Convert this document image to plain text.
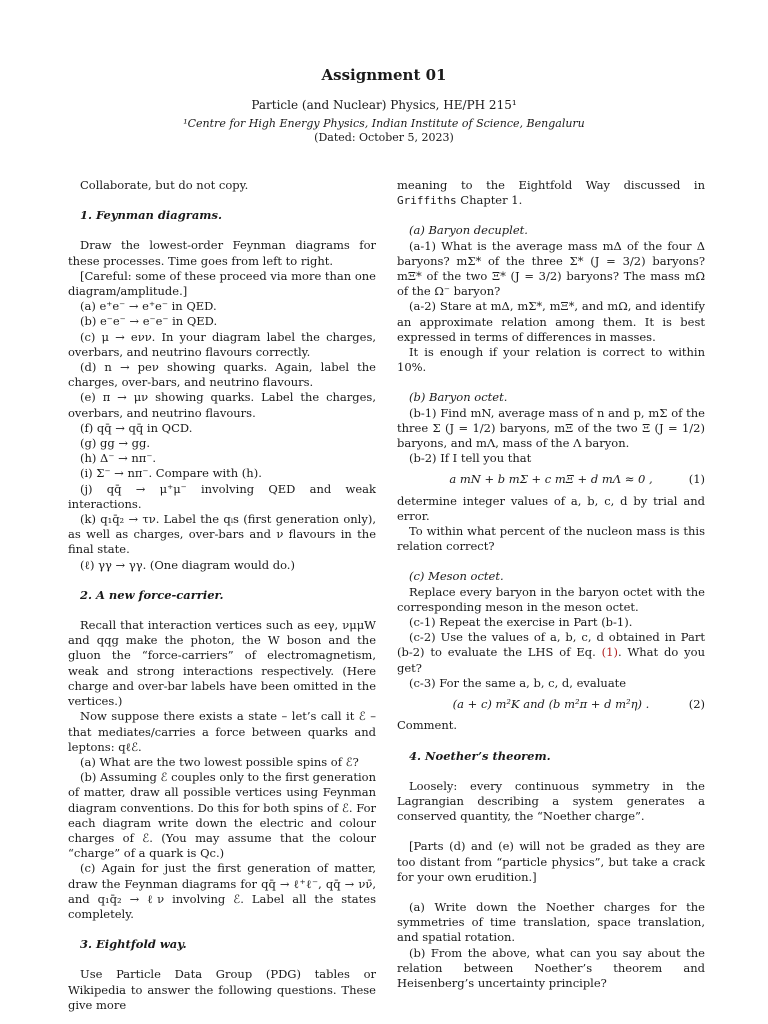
Assignment 01
Particle (and Nuclear) Physics, HE/PH 215¹
¹Centre for High Energy Physics, Indian Institute of Science, Bengaluru
(Dated: October 5, 2023)

Collaborate, but do not copy.

1. Feynman diagrams.

Draw the lowest-order Feynman diagrams for these processes. Time goes from left to right.

[Careful: some of these proceed via more than one diagram/amplitude.]

(a) e⁺e⁻ → e⁺e⁻ in QED.

(b) e⁻e⁻ → e⁻e⁻ in QED.

(c) μ → eνν. In your diagram label the charges, overbars, and neutrino flavours correctly.

(d) n → peν showing quarks. Again, label the charges, over-bars, and neutrino flavours.

(e) π → μν showing quarks. Label the charges, overbars, and neutrino flavours.

(f) qq̄ → qq̄ in QCD.

(g) gg → gg.

(h) Δ⁻ → nπ⁻.

(i) Σ⁻ → nπ⁻. Compare with (h).

(j) qq̄ → μ⁺μ⁻ involving QED and weak interactions.

(k) q₁q̄₂ → τν. Label the qᵢs (first generation only), as well as charges, over-bars and ν flavours in the final state.

(ℓ) γγ → γγ. (One diagram would do.)

2. A new force-carrier.

Recall that interaction vertices such as eeγ, νμμW and qqg make the photon, the W boson and the gluon the “force-carriers” of electromagnetism, weak and strong interactions respectively. (Here charge and over-bar labels have been omitted in the vertices.)

Now suppose there exists a state – let’s call it ℰ – that mediates/carries a force between quarks and leptons: qℓℰ.

(a) What are the two lowest possible spins of ℰ?

(b) Assuming ℰ couples only to the first generation of matter, draw all possible vertices using Feynman diagram conventions. Do this for both spins of ℰ. For each diagram write down the electric and colour charges of ℰ. (You may assume that the colour “charge” of a quark is Qc.)

(c) Again for just the first generation of matter, draw the Feynman diagrams for qq̄ → ℓ⁺ℓ⁻, qq̄ → νν̄, and q₁q̄₂ → ℓν involving ℰ. Label all the states completely.

3. Eightfold way.

Use Particle Data Group (PDG) tables or Wikipedia to answer the following questions. These give more

meaning to the Eightfold Way discussed in Griffiths Chapter 1.

(a) Baryon decuplet.

(a-1) What is the average mass mΔ of the four Δ baryons? mΣ* of the three Σ* (J = 3/2) baryons? mΞ* of the two Ξ* (J = 3/2) baryons? The mass mΩ of the Ω⁻ baryon?

(a-2) Stare at mΔ, mΣ*, mΞ*, and mΩ, and identify an approximate relation among them. It is best expressed in terms of differences in masses.

It is enough if your relation is correct to within 10%.

(b) Baryon octet.

(b-1) Find mN, average mass of n and p, mΣ of the three Σ (J = 1/2) baryons, mΞ of the two Ξ (J = 1/2) baryons, and mΛ, mass of the Λ baryon.

(b-2) If I tell you that

a mN + b mΣ + c mΞ + d mΛ ≈ 0 ,	(1)

determine integer values of a, b, c, d by trial and error.

To within what percent of the nucleon mass is this relation correct?

(c) Meson octet.

Replace every baryon in the baryon octet with the corresponding meson in the meson octet.

(c-1) Repeat the exercise in Part (b-1).

(c-2) Use the values of a, b, c, d obtained in Part (b-2) to evaluate the LHS of Eq. (1). What do you get?

(c-3) For the same a, b, c, d, evaluate

(a + c) m²K and (b m²π + d m²η) .	(2)

Comment.

4. Noether’s theorem.

Loosely: every continuous symmetry in the Lagrangian describing a system generates a conserved quantity, the “Noether charge”.

[Parts (d) and (e) will not be graded as they are too distant from “particle physics”, but take a crack for your own erudition.]

(a) Write down the Noether charges for the symmetries of time translation, space translation, and spatial rotation.

(b) From the above, what can you say about the relation between Noether’s theorem and Heisenberg’s uncertainty principle?
